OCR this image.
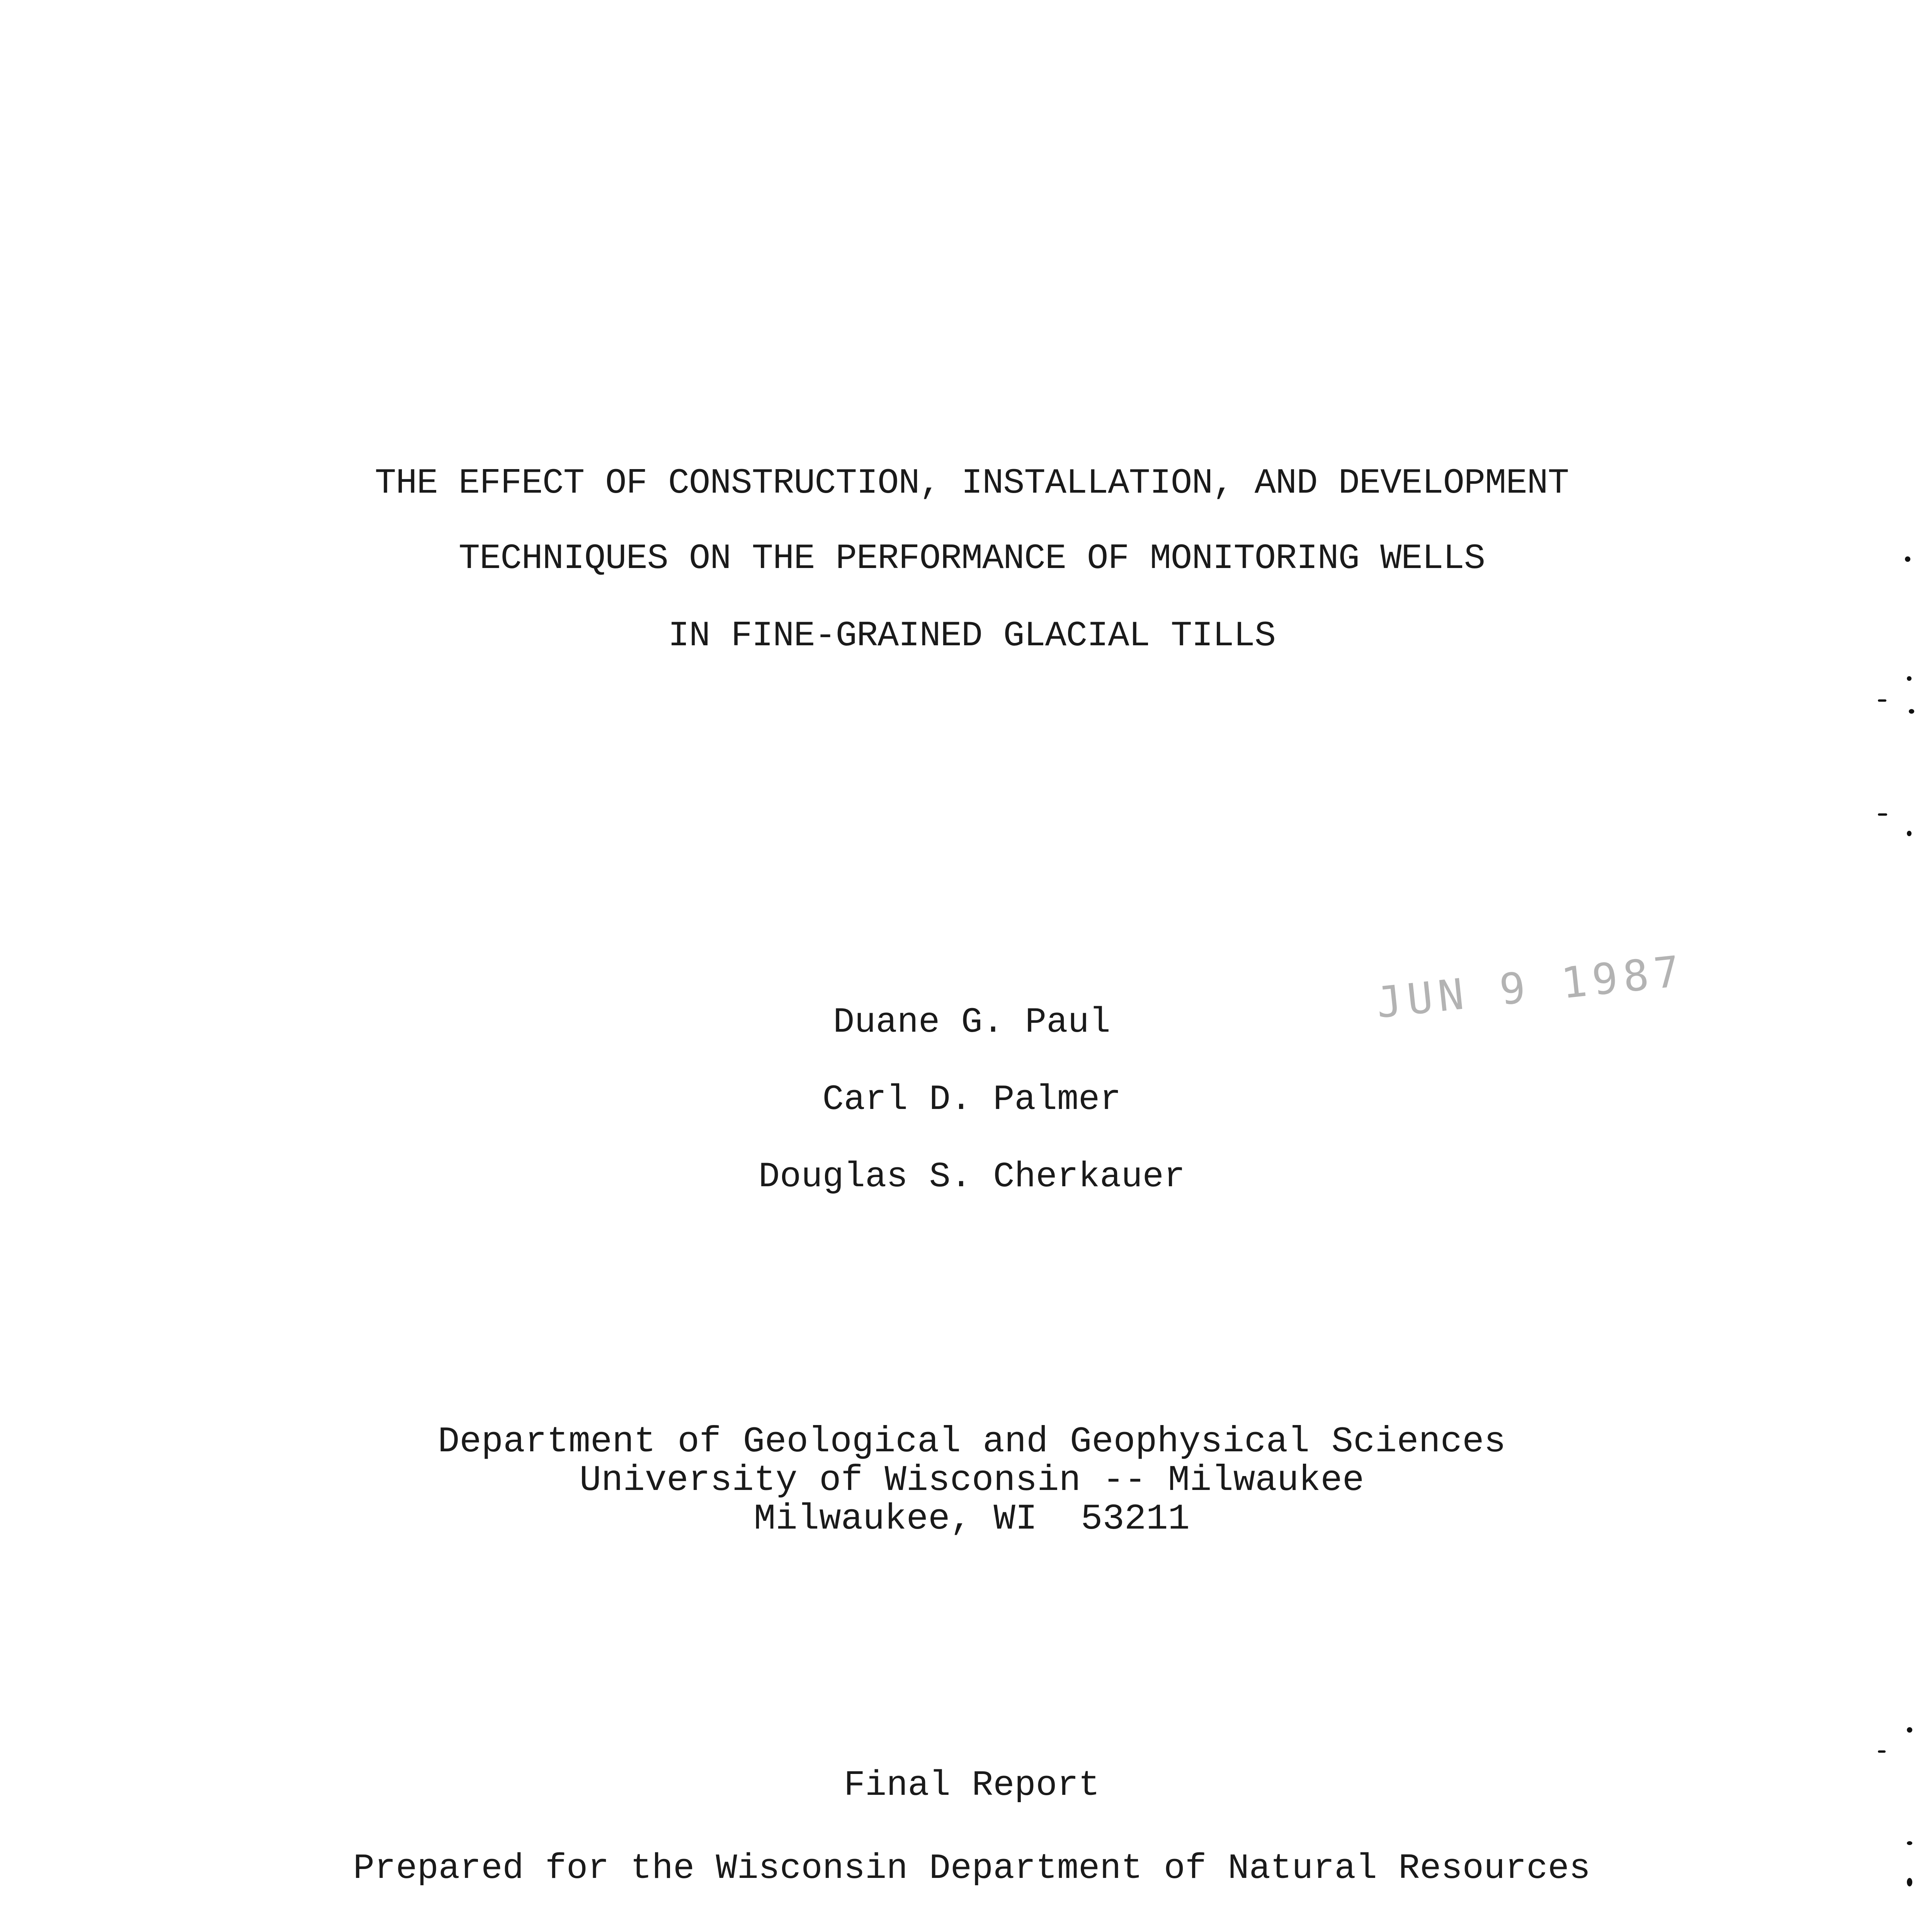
THE EFFECT OF CONSTRUCTION, INSTALLATION, AND DEVELOPMENT
TECHNIQUES ON THE PERFORMANCE OF MONITORING WELLS
IN FINE-GRAINED GLACIAL TILLS
JUN 9 1987
Duane G. Paul
Carl D. Palmer
Douglas S. Cherkauer
Department of Geological and Geophysical Sciences
University of Wisconsin -- Milwaukee
Milwaukee, WI  53211
Final Report
Prepared for the Wisconsin Department of Natural Resources
